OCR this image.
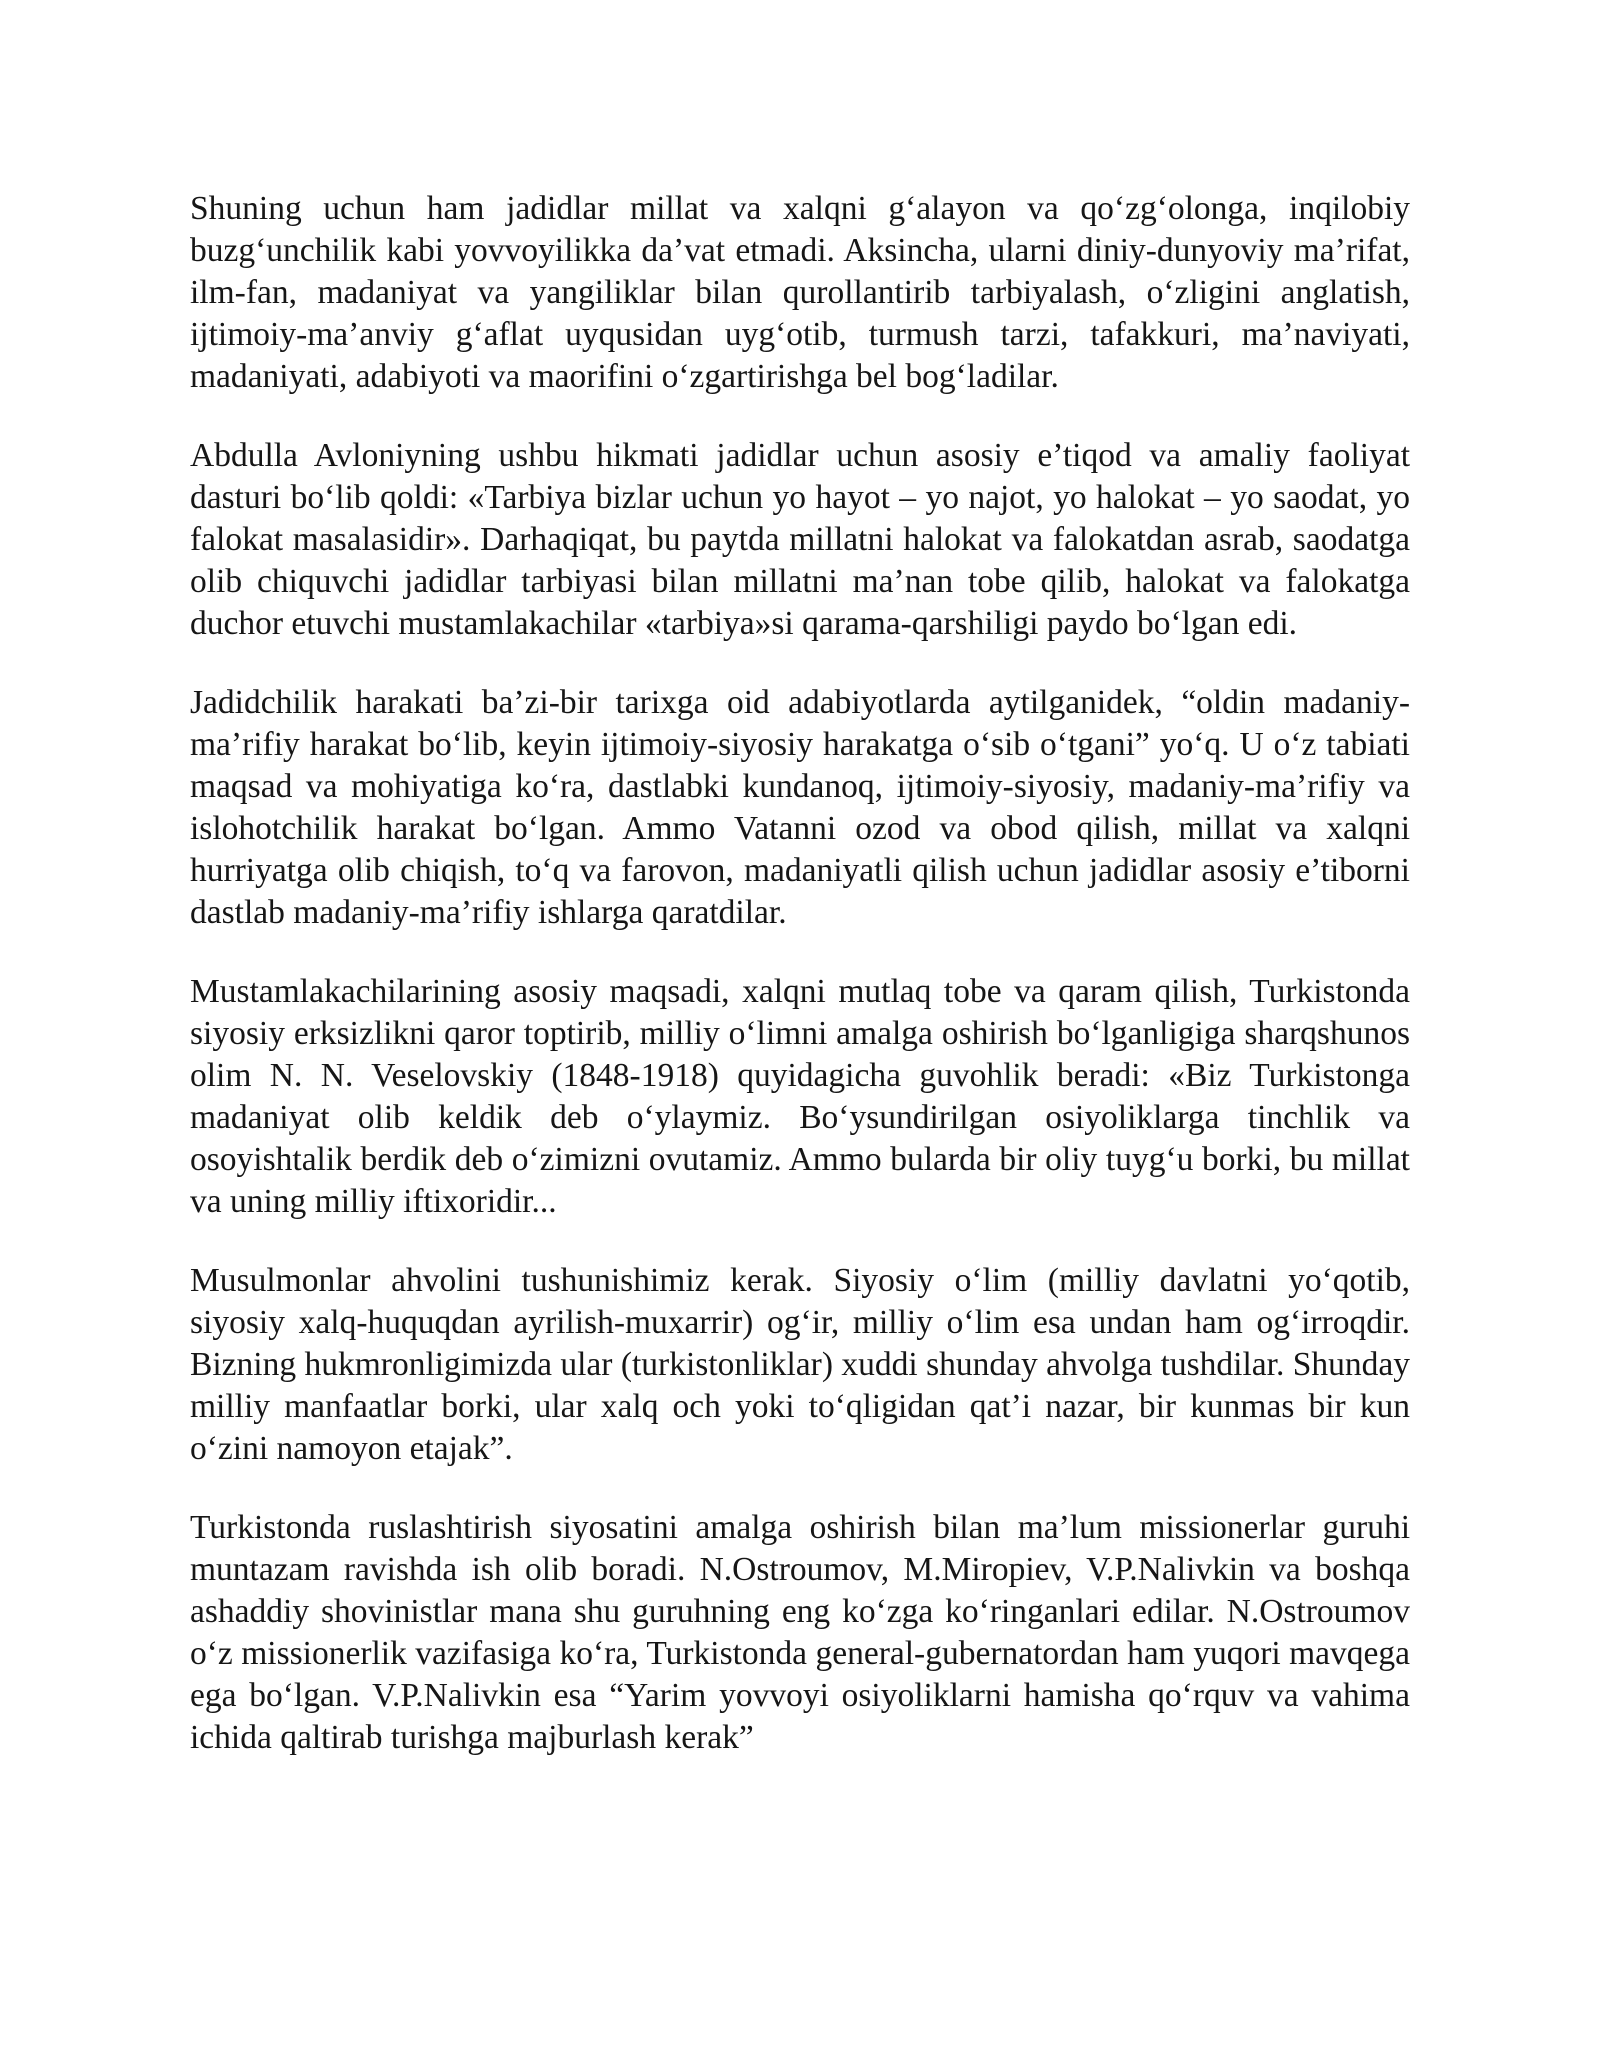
Shuning uchun ham jadidlar millat va xalqni g‘alayon va qo‘zg‘olonga, inqilobiy buzg‘unchilik kabi yovvoyilikka da’vat etmadi. Aksincha, ularni diniy-dunyoviy ma’rifat, ilm-fan, madaniyat va yangiliklar bilan qurollantirib tarbiyalash, o‘zligini anglatish, ijtimoiy-ma’anviy g‘aflat uyqusidan uyg‘otib, turmush tarzi, tafakkuri, ma’naviyati, madaniyati, adabiyoti va maorifini o‘zgartirishga bel bog‘ladilar.

Abdulla Avloniyning ushbu hikmati jadidlar uchun asosiy e’tiqod va amaliy faoliyat dasturi bo‘lib qoldi: «Tarbiya bizlar uchun yo hayot – yo najot, yo halokat – yo saodat, yo falokat masalasidir». Darhaqiqat, bu paytda millatni halokat va falokatdan asrab, saodatga olib chiquvchi jadidlar tarbiyasi bilan millatni ma’nan tobe qilib, halokat va falokatga duchor etuvchi mustamlakachilar «tarbiya»si qarama-qarshiligi paydo bo‘lgan edi.

Jadidchilik harakati ba’zi-bir tarixga oid adabiyotlarda aytilganidek, “oldin madaniy-ma’rifiy harakat bo‘lib, keyin ijtimoiy-siyosiy harakatga o‘sib o‘tgani” yo‘q. U o‘z tabiati maqsad va mohiyatiga ko‘ra, dastlabki kundanoq, ijtimoiy-siyosiy, madaniy-ma’rifiy va islohotchilik harakat bo‘lgan. Ammo Vatanni ozod va obod qilish, millat va xalqni hurriyatga olib chiqish, to‘q va farovon, madaniyatli qilish uchun jadidlar asosiy e’tiborni dastlab madaniy-ma’rifiy ishlarga qaratdilar.

Mustamlakachilarining asosiy maqsadi, xalqni mutlaq tobe va qaram qilish, Turkistonda siyosiy erksizlikni qaror toptirib, milliy o‘limni amalga oshirish bo‘lganligiga sharqshunos olim N. N. Veselovskiy (1848-1918) quyidagicha guvohlik beradi: «Biz Turkistonga madaniyat olib keldik deb o‘ylaymiz. Bo‘ysundirilgan osiyoliklarga tinchlik va osoyishtalik berdik deb o‘zimizni ovutamiz. Ammo bularda bir oliy tuyg‘u borki, bu millat va uning milliy iftixoridir...

Musulmonlar ahvolini tushunishimiz kerak. Siyosiy o‘lim (milliy davlatni yo‘qotib, siyosiy xalq-huquqdan ayrilish-muxarrir) og‘ir, milliy o‘lim esa undan ham og‘irroqdir. Bizning hukmronligimizda ular (turkistonliklar) xuddi shunday ahvolga tushdilar. Shunday milliy manfaatlar borki, ular xalq och yoki to‘qligidan qat’i nazar, bir kunmas bir kun o‘zini namoyon etajak”.

Turkistonda ruslashtirish siyosatini amalga oshirish bilan ma’lum missionerlar guruhi muntazam ravishda ish olib boradi. N.Ostroumov, M.Miropiev, V.P.Nalivkin va boshqa ashaddiy shovinistlar mana shu guruhning eng ko‘zga ko‘ringanlari edilar. N.Ostroumov o‘z missionerlik vazifasiga ko‘ra, Turkistonda general-gubernatordan ham yuqori mavqega ega bo‘lgan. V.P.Nalivkin esa “Yarim yovvoyi osiyoliklarni hamisha qo‘rquv va vahima ichida qaltirab turishga majburlash kerak”
